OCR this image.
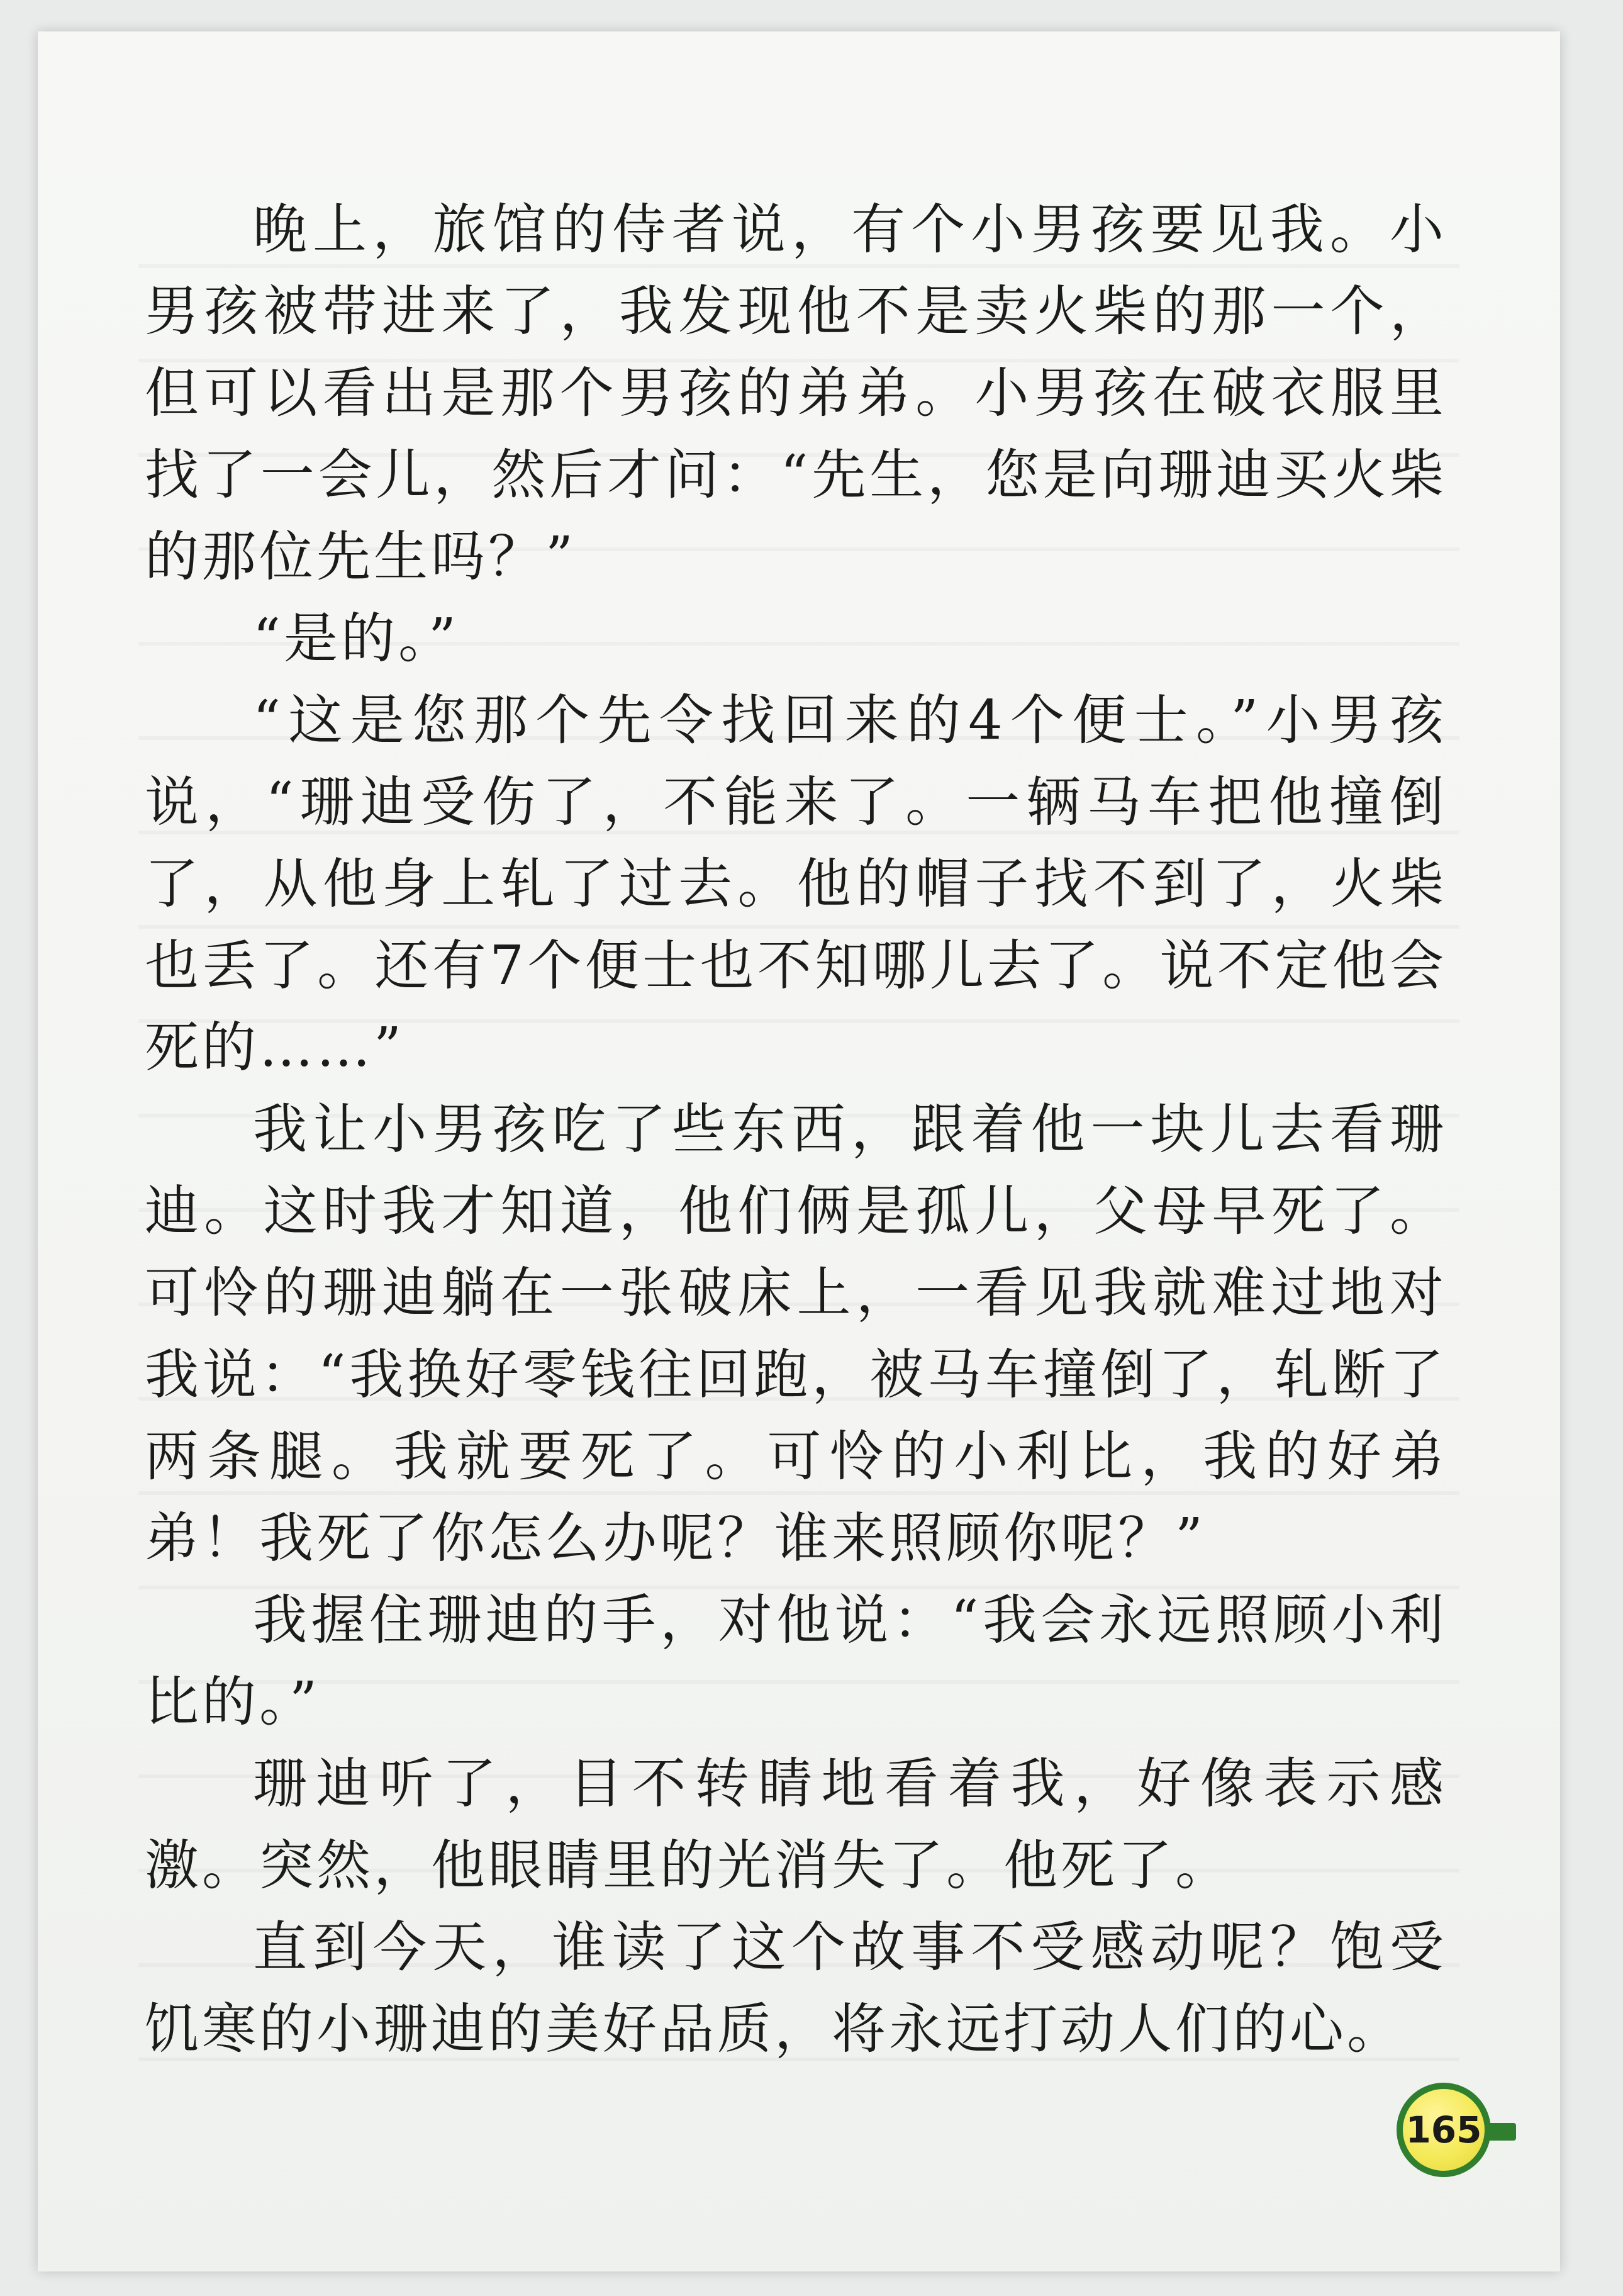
晚上，旅馆的侍者说，有个小男孩要见我。小男孩被带进来了，我发现他不是卖火柴的那一个，但可以看出是那个男孩的弟弟。小男孩在破衣服里找了一会儿，然后才问：“先生，您是向珊迪买火柴的那位先生吗？”

“是的。”

“这是您那个先令找回来的4个便士。”小男孩说，“珊迪受伤了，不能来了。一辆马车把他撞倒了，从他身上轧了过去。他的帽子找不到了，火柴也丢了。还有7个便士也不知哪儿去了。说不定他会死的……”

我让小男孩吃了些东西，跟着他一块儿去看珊迪。这时我才知道，他们俩是孤儿，父母早死了。可怜的珊迪躺在一张破床上，一看见我就难过地对我说：“我换好零钱往回跑，被马车撞倒了，轧断了两条腿。我就要死了。可怜的小利比，我的好弟弟！我死了你怎么办呢？谁来照顾你呢？”

我握住珊迪的手，对他说：“我会永远照顾小利比的。”

珊迪听了，目不转睛地看着我，好像表示感激。突然，他眼睛里的光消失了。他死了。

直到今天，谁读了这个故事不受感动呢？饱受饥寒的小珊迪的美好品质，将永远打动人们的心。

165
